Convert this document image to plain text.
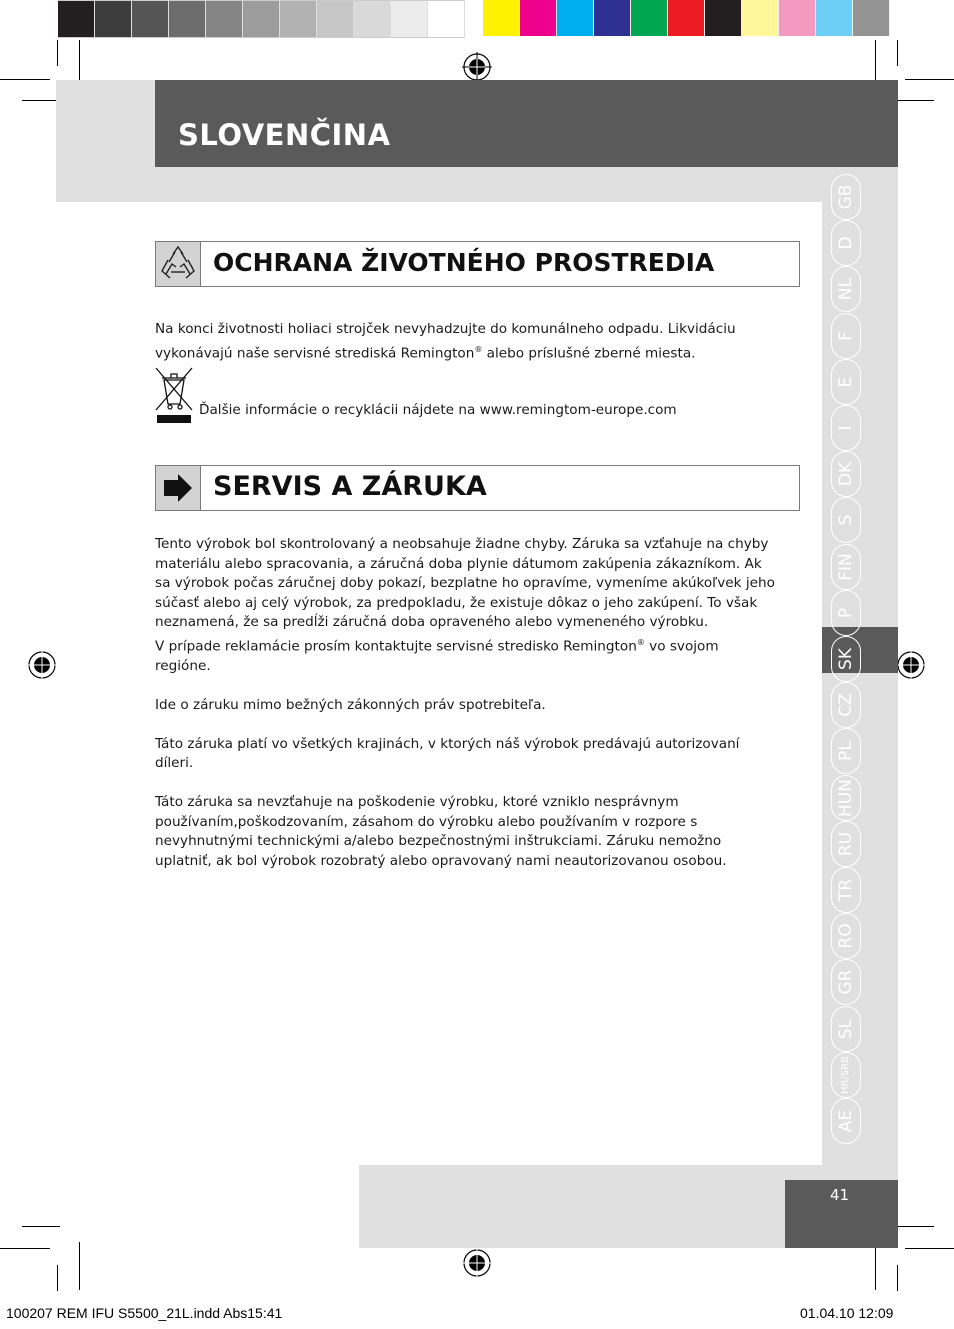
SLOVENČINA
OCHRANA ŽIVOTNÉHO PROSTREDIA

Na konci životnosti holiaci strojček nevyhadzujte do komunálneho odpadu. Likvidáciu vykonávajú naše servisné strediská Remington® alebo príslušné zberné miesta.

Ďalšie informácie o recyklácii nájdete na www.remingtom-europe.com
SERVIS A ZÁRUKA

Tento výrobok bol skontrolovaný a neobsahuje žiadne chyby. Záruka sa vzťahuje na chyby materiálu alebo spracovania, a záručná doba plynie dátumom zakúpenia zákazníkom. Ak sa výrobok počas záručnej doby pokazí, bezplatne ho opravíme, vymeníme akúkoľvek jeho súčasť alebo aj celý výrobok, za predpokladu, že existuje dôkaz o jeho zakúpení. To však neznamená, že sa predĺži záručná doba opraveného alebo vymeneného výrobku.

V prípade reklamácie prosím kontaktujte servisné stredisko Remington® vo svojom regióne.

Ide o záruku mimo bežných zákonných práv spotrebiteľa.

Táto záruka platí vo všetkých krajinách, v ktorých náš výrobok predávajú autorizovaní díleri.

Táto záruka sa nevzťahuje na poškodenie výrobku, ktoré vzniklo nesprávnym používaním,poškodzovaním, zásahom do výrobku alebo používaním v rozpore s nevyhnutnými technickými a/alebo bezpečnostnými inštrukciami. Záruku nemožno uplatniť, ak bol výrobok rozobratý alebo opravovaný nami neautorizovanou osobou.

GB
D
NL
F
E
I
DK
S
FIN
P
SK
CZ
PL
HUN
RU
TR
RO
GR
SL
HR/SRB
AE
41
100207 REM IFU S5500_21L.indd Abs15:41	01.04.10 12:09
